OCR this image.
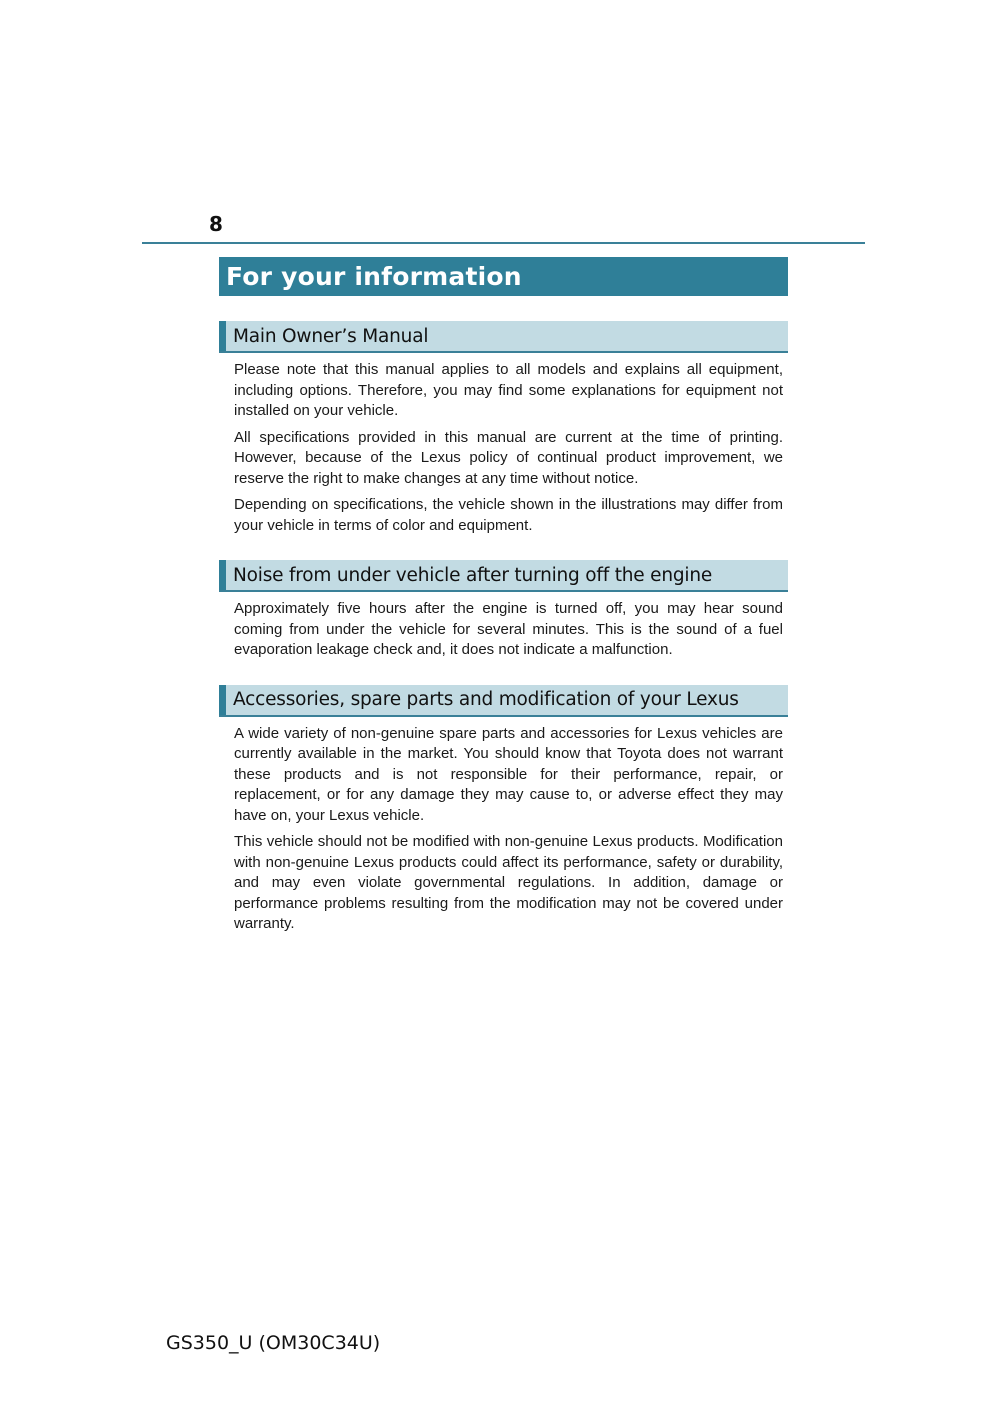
8
For your information
Main Owner’s Manual

Please note that this manual applies to all models and explains all equipment, including options. Therefore, you may find some explanations for equipment not installed on your vehicle.

All specifications provided in this manual are current at the time of printing. However, because of the Lexus policy of continual product improvement, we reserve the right to make changes at any time without notice.

Depending on specifications, the vehicle shown in the illustrations may differ from your vehicle in terms of color and equipment.

Noise from under vehicle after turning off the engine

Approximately five hours after the engine is turned off, you may hear sound coming from under the vehicle for several minutes. This is the sound of a fuel evaporation leakage check and, it does not indicate a malfunction.

Accessories, spare parts and modification of your Lexus

A wide variety of non-genuine spare parts and accessories for Lexus vehicles are currently available in the market. You should know that Toyota does not warrant these products and is not responsible for their performance, repair, or replacement, or for any damage they may cause to, or adverse effect they may have on, your Lexus vehicle.

This vehicle should not be modified with non-genuine Lexus products. Modification with non-genuine Lexus products could affect its performance, safety or durability, and may even violate governmental regulations. In addition, damage or performance problems resulting from the modification may not be covered under warranty.

GS350_U (OM30C34U)
